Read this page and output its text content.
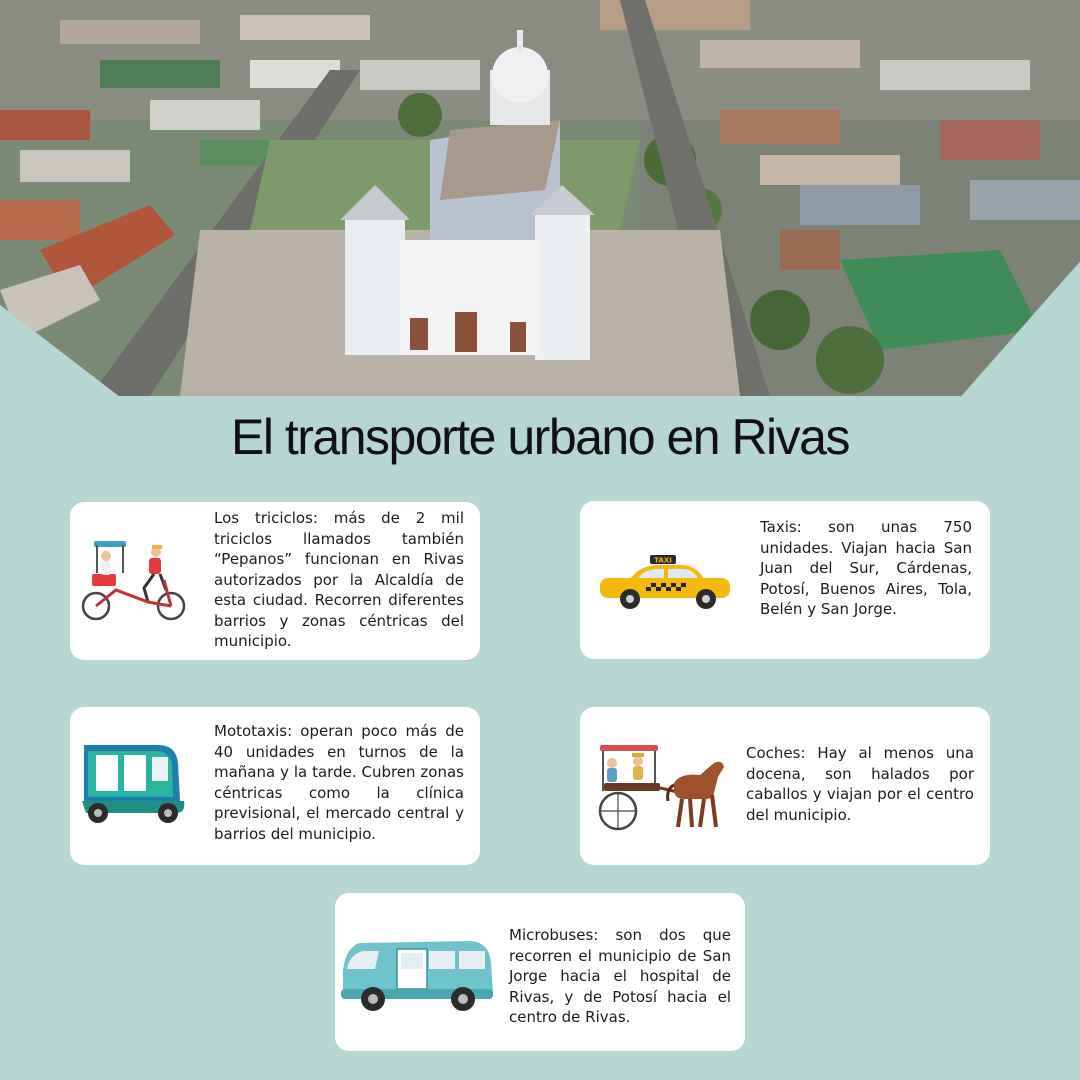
El transporte urbano en Rivas

Los triciclos: más de 2 mil triciclos llamados también “Pepanos” funcionan en Rivas autorizados por la Alcaldía de esta ciudad. Recorren diferentes barrios y zonas céntricas del municipio.

TAXI

Taxis: son unas 750 unidades. Viajan hacia San Juan del Sur, Cárdenas, Potosí, Buenos Aires, Tola, Belén y San Jorge.

Mototaxis: operan poco más de 40 unidades en turnos de la mañana y la tarde. Cubren zonas céntricas como la clínica previsional, el mercado central y barrios del municipio.

Coches: Hay al menos una docena, son halados por caballos y viajan por el centro del municipio.

Microbuses: son dos que recorren el municipio de San Jorge hacia el hospital de Rivas, y de Potosí hacia el centro de Rivas.
